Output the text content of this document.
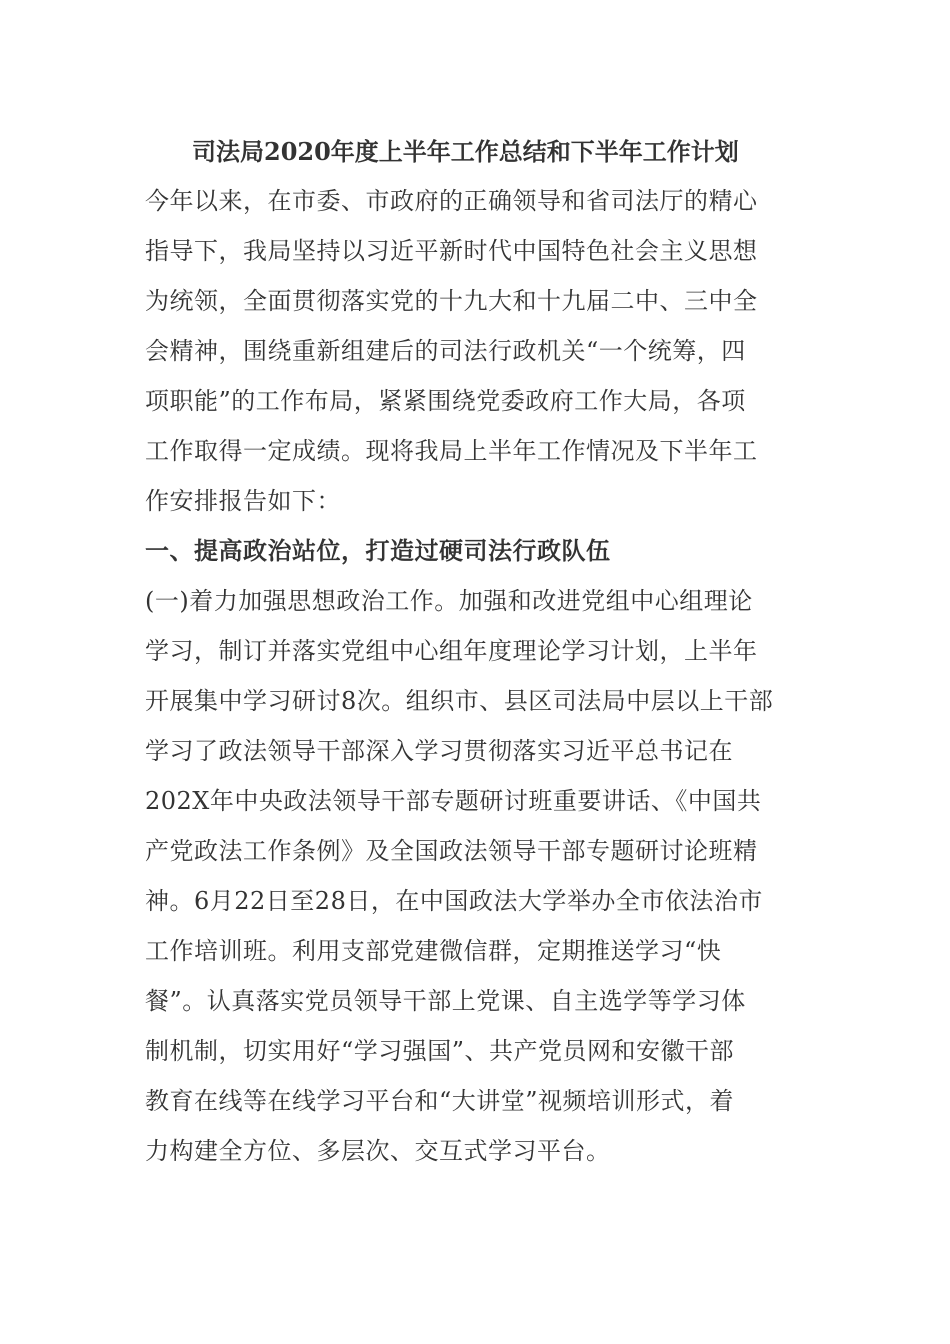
司法局2020年度上半年工作总结和下半年工作计划
今年以来，在市委、市政府的正确领导和省司法厅的精心
指导下，我局坚持以习近平新时代中国特色社会主义思想
为统领，全面贯彻落实党的十九大和十九届二中、三中全
会精神，围绕重新组建后的司法行政机关“一个统筹，四
项职能”的工作布局，紧紧围绕党委政府工作大局，各项
工作取得一定成绩。现将我局上半年工作情况及下半年工
作安排报告如下：
一、提高政治站位，打造过硬司法行政队伍
(一)着力加强思想政治工作。加强和改进党组中心组理论
学习，制订并落实党组中心组年度理论学习计划，上半年
开展集中学习研讨8次。组织市、县区司法局中层以上干部
学习了政法领导干部深入学习贯彻落实习近平总书记在
202X年中央政法领导干部专题研讨班重要讲话、《中国共
产党政法工作条例》及全国政法领导干部专题研讨论班精
神。6月22日至28日，在中国政法大学举办全市依法治市
工作培训班。利用支部党建微信群，定期推送学习“快
餐”。认真落实党员领导干部上党课、自主选学等学习体
制机制，切实用好“学习强国”、共产党员网和安徽干部
教育在线等在线学习平台和“大讲堂”视频培训形式，着
力构建全方位、多层次、交互式学习平台。
